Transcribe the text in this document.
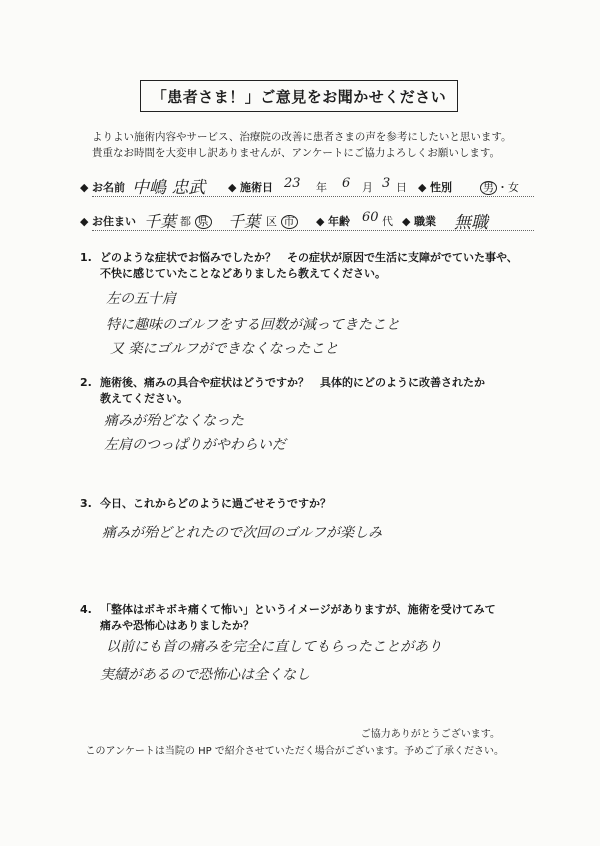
「患者さま！」ご意見をお聞かせください
よりよい施術内容やサービス、治療院の改善に患者さまの声を参考にしたいと思います。
貴重なお時間を大変申し訳ありませんが、アンケートにご協力よろしくお願いします。
◆ お名前 中嶋 忠武 ◆ 施術日 23 年 6 月 3 日 ◆ 性別	男 ・女
◆ お住まい 千葉 都 県 千葉 区 市 ◆ 年齢 60 代 ◆ 職業 無職
1. どのような症状でお悩みでしたか？　その症状が原因で生活に支障がでていた事や、
不快に感じていたことなどありましたら教えてください。
左の五十肩
特に趣味のゴルフをする回数が減ってきたこと
又 楽にゴルフができなくなったこと
2. 施術後、痛みの具合や症状はどうですか？　具体的にどのように改善されたか
教えてください。
痛みが殆どなくなった
左肩のつっぱりがやわらいだ
3. 今日、これからどのように過ごせそうですか？
痛みが殆どとれたので次回のゴルフが楽しみ
4. 「整体はボキボキ痛くて怖い」というイメージがありますが、施術を受けてみて
痛みや恐怖心はありましたか？
以前にも首の痛みを完全に直してもらったことがあり
実績があるので恐怖心は全くなし
ご協力ありがとうございます。
このアンケートは当院の HP で紹介させていただく場合がございます。予めご了承ください。
